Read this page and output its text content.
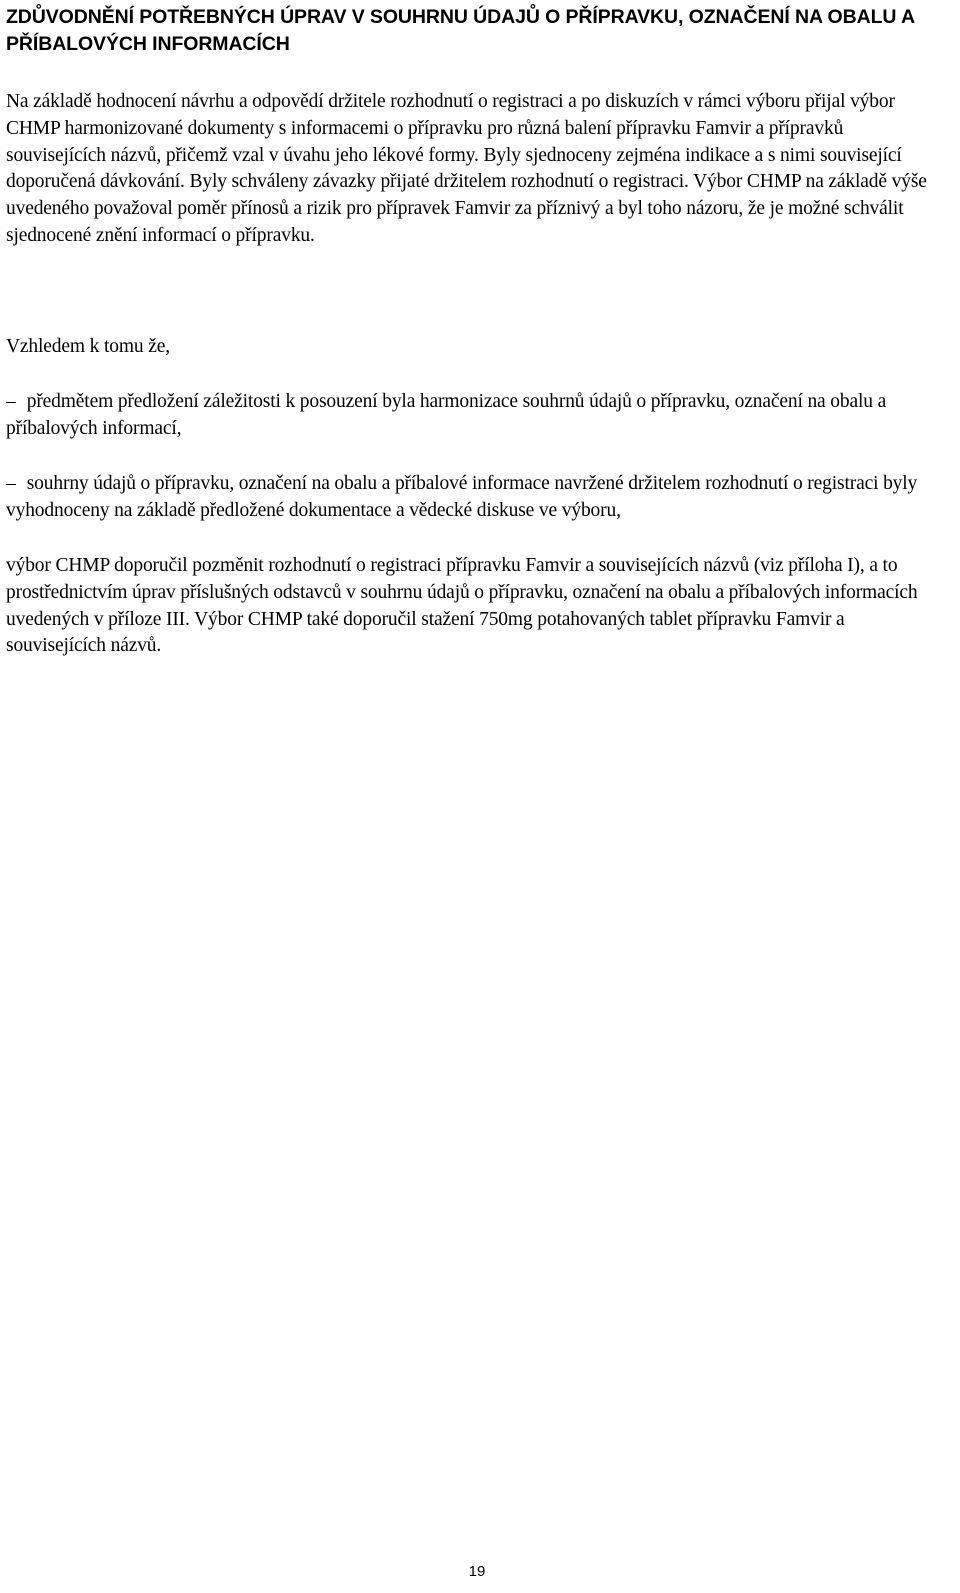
ZDŮVODNĚNÍ POTŘEBNÝCH ÚPRAV V SOUHRNU ÚDAJŮ O PŘÍPRAVKU, OZNAČENÍ NA OBALU A PŘÍBALOVÝCH INFORMACÍCH

Na základě hodnocení návrhu a odpovědí držitele rozhodnutí o registraci a po diskuzích v rámci výboru přijal výbor CHMP harmonizované dokumenty s informacemi o přípravku pro různá balení přípravku Famvir a přípravků souvisejících názvů, přičemž vzal v úvahu jeho lékové formy. Byly sjednoceny zejména indikace a s nimi související doporučená dávkování. Byly schváleny závazky přijaté držitelem rozhodnutí o registraci. Výbor CHMP na základě výše uvedeného považoval poměr přínosů a rizik pro přípravek Famvir za příznivý a byl toho názoru, že je možné schválit sjednocené znění informací o přípravku.

Vzhledem k tomu že,

– předmětem předložení záležitosti k posouzení byla harmonizace souhrnů údajů o přípravku, označení na obalu a příbalových informací,

– souhrny údajů o přípravku, označení na obalu a příbalové informace navržené držitelem rozhodnutí o registraci byly vyhodnoceny na základě předložené dokumentace a vědecké diskuse ve výboru,

výbor CHMP doporučil pozměnit rozhodnutí o registraci přípravku Famvir a souvisejících názvů (viz příloha I), a to prostřednictvím úprav příslušných odstavců v souhrnu údajů o přípravku, označení na obalu a příbalových informacích uvedených v příloze III. Výbor CHMP také doporučil stažení 750mg potahovaných tablet přípravku Famvir a souvisejících názvů.

19
